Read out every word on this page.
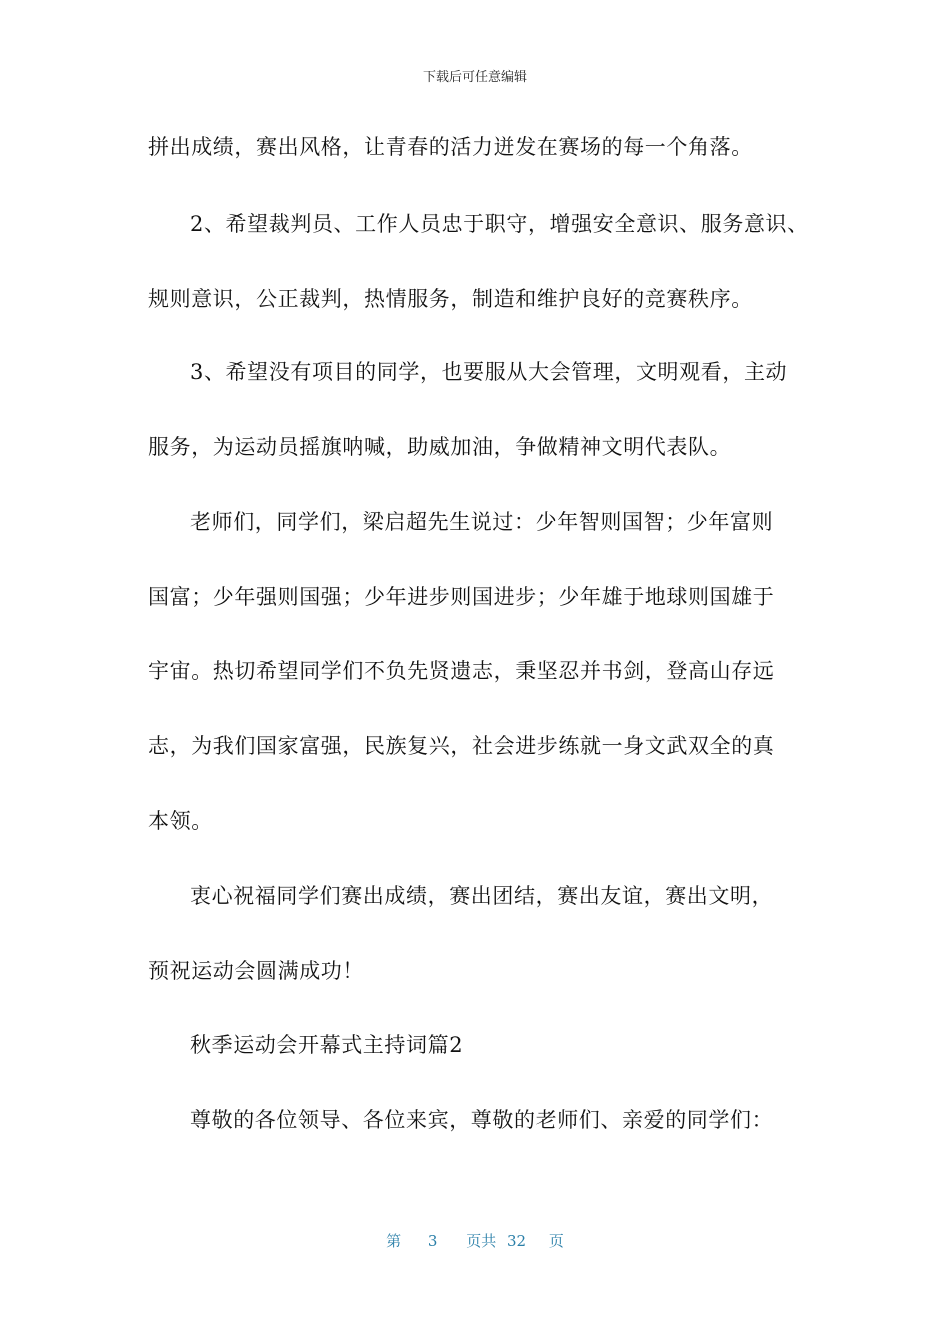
下载后可任意编辑
拼出成绩，赛出风格，让青春的活力迸发在赛场的每一个角落。
2、希望裁判员、工作人员忠于职守，增强安全意识、服务意识、
规则意识，公正裁判，热情服务，制造和维护良好的竞赛秩序。
3、希望没有项目的同学，也要服从大会管理，文明观看，主动
服务，为运动员摇旗呐喊，助威加油，争做精神文明代表队。
老师们，同学们，梁启超先生说过：少年智则国智；少年富则
国富；少年强则国强；少年进步则国进步；少年雄于地球则国雄于
宇宙。热切希望同学们不负先贤遗志，秉坚忍并书剑，登高山存远
志，为我们国家富强，民族复兴，社会进步练就一身文武双全的真
本领。
衷心祝福同学们赛出成绩，赛出团结，赛出友谊，赛出文明，
预祝运动会圆满成功！
秋季运动会开幕式主持词篇2
尊敬的各位领导、各位来宾，尊敬的老师们、亲爱的同学们：
第 3 页共 32 页
